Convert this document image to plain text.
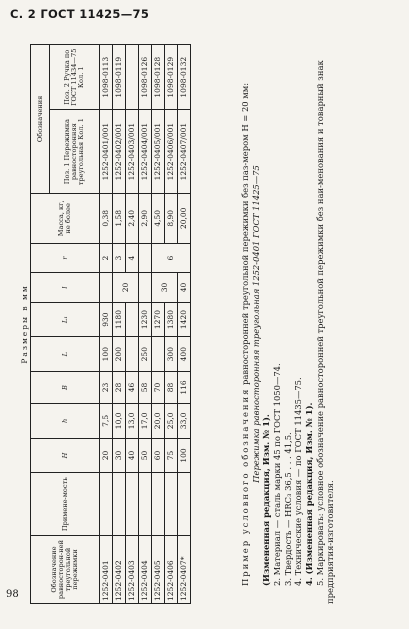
С. 2 ГОСТ 11425—75
Размеры в мм
Обозначение равносторон-ней треугольной пережимки	Примене-мость	H	h	B	L	L₁	l	r	Масса, кг, не более	Обозначения	
										Поз. 1 Пережимка равносторонняя треугольная Кол. 1	Поз. 2 Ручка по ГОСТ 11434—75 Кол. 1
1252-0401		20	7,5	23	100	930		2	0,38	1252-0401/001	1098-0113
1252-0402		30	10,0	28	200	1180	20	3	1,58	1252-0402/001	1098-0119
1252-0403		40	13,0	46				4	2,40	1252-0403/001	
1252-0404		50	17,0	58	250	1230			2,90	1252-0404/001	1098-0126
1252-0405		60	20,0	70		1270	30	6	4,50	1252-0405/001	1098-0128
1252-0406		75	25,0	88	300	1380			8,90	1252-0406/001	1098-0129
1252-0407*		100	33,0	116	400	1420	40		20,00	1252-0407/001	1098-0132

Пример условного обозначения равносторонней треугольной пережимки без паз-мером H = 20 мм: Пережимка равносторонняя треугольная 1252-0401 ГОСТ 11425—75

(Измененная редакция, Изм. № 1). 2. Материал — сталь марки 45 по ГОСТ 1050—74. 3. Твердость — HRC₃ 36,5 . . . 41,5. 4. Технические условия — по ГОСТ 11435—75. 4. (Измененная редакция, Изм. № 1). 5. Маркировать: условное обозначение равносторонней треугольной пережимки без наи-менования и товарный знак предприятия-изготовителя.

98
